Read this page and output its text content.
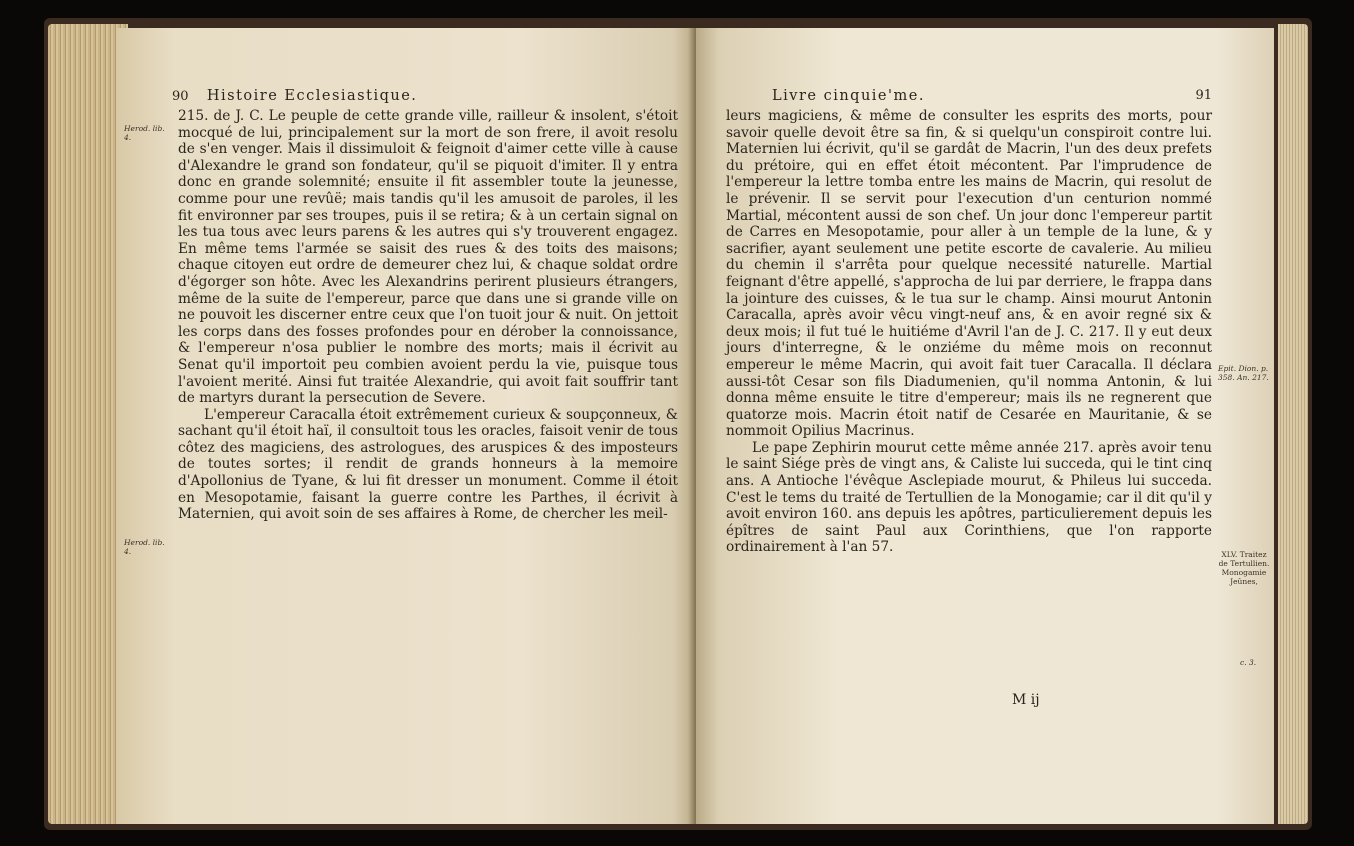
90 Histoire Ecclesiastique.
Herod. lib. 4.
Herod. lib. 4.

215. de J. C. Le peuple de cette grande ville, railleur & insolent, s'étoit mocqué de lui, principalement sur la mort de son frere, il avoit resolu de s'en venger. Mais il dissimuloit & feignoit d'aimer cette ville à cause d'Alexandre le grand son fondateur, qu'il se piquoit d'imiter. Il y entra donc en grande solemnité; ensuite il fit assembler toute la jeunesse, comme pour une revûë; mais tandis qu'il les amusoit de paroles, il les fit environner par ses troupes, puis il se retira; & à un certain signal on les tua tous avec leurs parens & les autres qui s'y trouverent engagez. En même tems l'armée se saisit des rues & des toits des maisons; chaque citoyen eut ordre de demeurer chez lui, & chaque soldat ordre d'égorger son hôte. Avec les Alexandrins perirent plusieurs étrangers, même de la suite de l'empereur, parce que dans une si grande ville on ne pouvoit les discerner entre ceux que l'on tuoit jour & nuit. On jettoit les corps dans des fosses profondes pour en dérober la connoissance, & l'empereur n'osa publier le nombre des morts; mais il écrivit au Senat qu'il importoit peu combien avoient perdu la vie, puisque tous l'avoient merité. Ainsi fut traitée Alexandrie, qui avoit fait souffrir tant de martyrs durant la persecution de Severe.

L'empereur Caracalla étoit extrêmement curieux & soupçonneux, & sachant qu'il étoit haï, il consultoit tous les oracles, faisoit venir de tous côtez des magiciens, des astrologues, des aruspices & des imposteurs de toutes sortes; il rendit de grands honneurs à la memoire d'Apollonius de Tyane, & lui fit dresser un monument. Comme il étoit en Mesopotamie, faisant la guerre contre les Parthes, il écrivit à Maternien, qui avoit soin de ses affaires à Rome, de chercher les meil-

Livre cinquie'me.	91

leurs magiciens, & même de consulter les esprits des morts, pour savoir quelle devoit être sa fin, & si quelqu'un conspiroit contre lui. Maternien lui écrivit, qu'il se gardât de Macrin, l'un des deux prefets du prétoire, qui en effet étoit mécontent. Par l'imprudence de l'empereur la lettre tomba entre les mains de Macrin, qui resolut de le prévenir. Il se servit pour l'execution d'un centurion nommé Martial, mécontent aussi de son chef. Un jour donc l'empereur partit de Carres en Mesopotamie, pour aller à un temple de la lune, & y sacrifier, ayant seulement une petite escorte de cavalerie. Au milieu du chemin il s'arrêta pour quelque necessité naturelle. Martial feignant d'être appellé, s'approcha de lui par derriere, le frappa dans la jointure des cuisses, & le tua sur le champ. Ainsi mourut Antonin Caracalla, après avoir vêcu vingt-neuf ans, & en avoir regné six & deux mois; il fut tué le huitiéme d'Avril l'an de J. C. 217. Il y eut deux jours d'interregne, & le onziéme du même mois on reconnut empereur le même Macrin, qui avoit fait tuer Caracalla. Il déclara aussi-tôt Cesar son fils Diadumenien, qu'il nomma Antonin, & lui donna même ensuite le titre d'empereur; mais ils ne regnerent que quatorze mois. Macrin étoit natif de Cesarée en Mauritanie, & se nommoit Opilius Macrinus.

Le pape Zephirin mourut cette même année 217. après avoir tenu le saint Siége près de vingt ans, & Caliste lui succeda, qui le tint cinq ans. A Antioche l'évêque Asclepiade mourut, & Phileus lui succeda. C'est le tems du traité de Tertullien de la Monogamie; car il dit qu'il y avoit environ 160. ans depuis les apôtres, particulierement depuis les épîtres de saint Paul aux Corinthiens, que l'on rapporte ordinairement à l'an 57.

M ij
Epit. Dion. p. 358. An. 217.
XLV. Traitez de Tertullien. Monogamie Jeûnes,
c. 3.
